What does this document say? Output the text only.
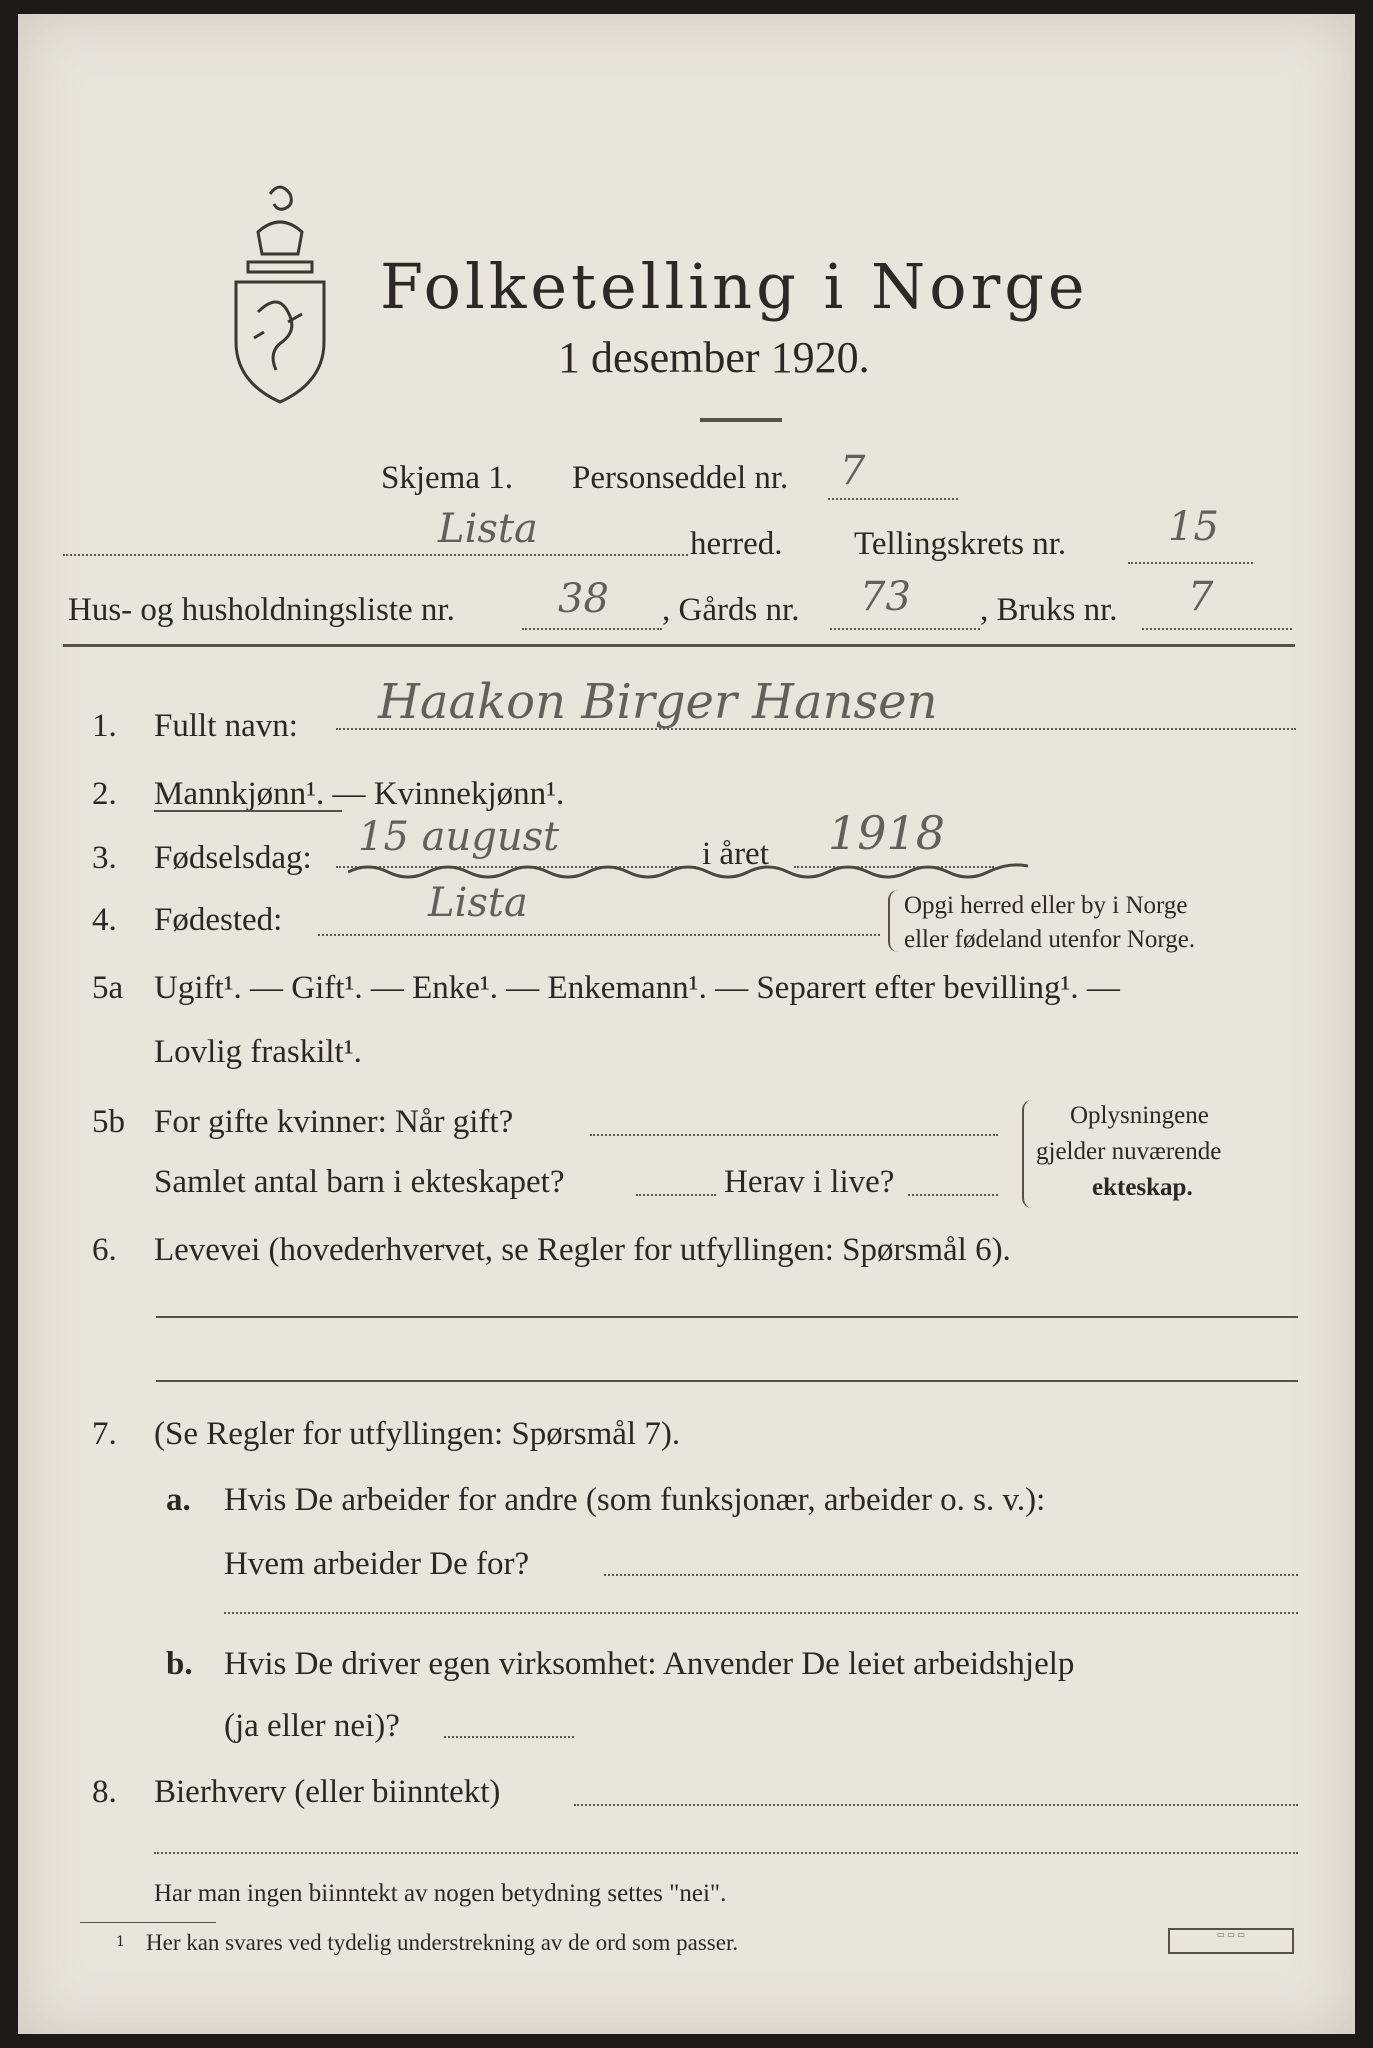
Folketelling i Norge
1 desember 1920.
Skjema 1. Personseddel nr. 7
Lista	herred. Tellingskrets nr.	15
Hus- og husholdningsliste nr.	38 , Gårds nr. 73 , Bruks nr. 7
1. Fullt navn: Haakon Birger Hansen
2. Mannkjønn¹. — Kvinnekjønn¹.
3. Fødselsdag: 15 august	i året 1918
4. Fødested:	Lista	Opgi herred eller by i Norge
eller fødeland utenfor Norge.
5a Ugift¹. — Gift¹. — Enke¹. — Enkemann¹. — Separert efter bevilling¹. —
Lovlig fraskilt¹.
5b For gifte kvinner: Når gift?
Samlet antal barn i ekteskapet?	Herav i live?
Oplysningene
gjelder nuværende
ekteskap.
6. Levevei (hovederhvervet, se Regler for utfyllingen: Spørsmål 6).
7. (Se Regler for utfyllingen: Spørsmål 7).
a. Hvis De arbeider for andre (som funksjonær, arbeider o. s. v.):
Hvem arbeider De for?
b. Hvis De driver egen virksomhet: Anvender De leiet arbeidshjelp
(ja eller nei)?
8. Bierhverv (eller biinntekt)
Har man ingen biinntekt av nogen betydning settes "nei".
1 Her kan svares ved tydelig understrekning av de ord som passer.	▭ ▭ ▭
